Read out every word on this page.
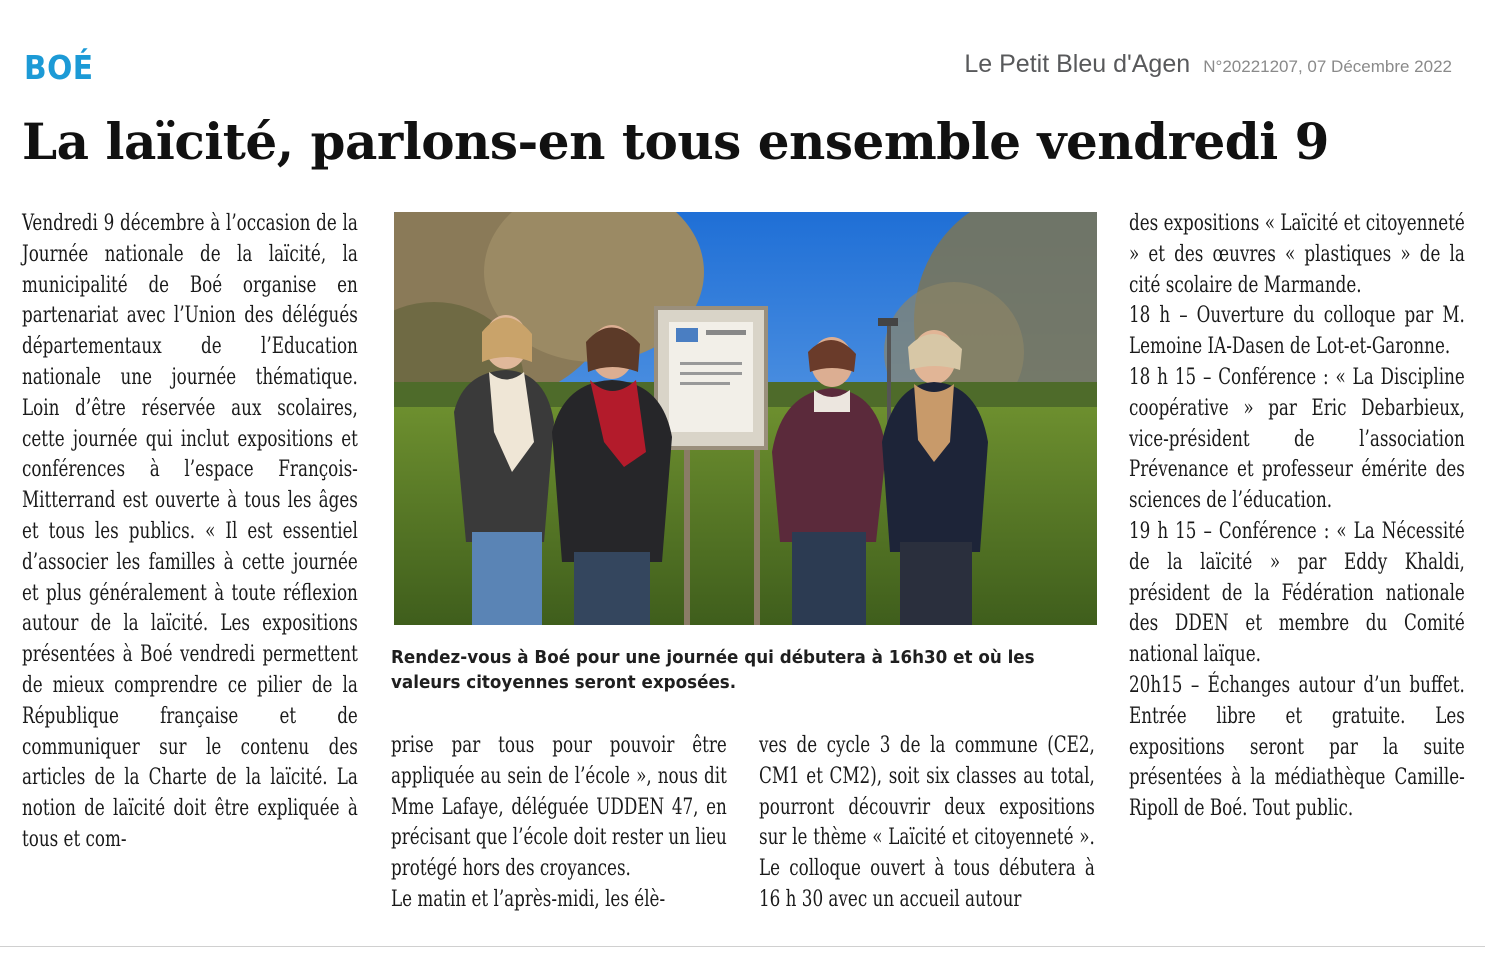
BOÉ	Le Petit Bleu d'Agen N°20221207, 07 Décembre 2022
La laïcité, parlons-en tous ensemble vendredi 9
Vendredi 9 décembre à l’occasion de la Journée nationale de la laïcité, la municipalité de Boé organise en partenariat avec l’Union des délégués départementaux de l’Education nationale une journée thématique. Loin d’être réservée aux scolaires, cette journée qui inclut expositions et conférences à l’espace François-Mitterrand est ouverte à tous les âges et tous les publics. « Il est essentiel d’associer les familles à cette journée et plus généralement à toute réflexion autour de la laïcité. Les expositions présentées à Boé vendredi permettent de mieux comprendre ce pilier de la République française et de communiquer sur le contenu des articles de la Charte de la laïcité. La notion de laïcité doit être expliquée à tous et com-
Rendez-vous à Boé pour une journée qui débutera à 16h30 et où les valeurs citoyennes seront exposées.

prise par tous pour pouvoir être appliquée au sein de l’école », nous dit Mme Lafaye, déléguée UDDEN 47, en précisant que l’école doit rester un lieu protégé hors des croyances.

Le matin et l’après-midi, les élè-

ves de cycle 3 de la commune (CE2, CM1 et CM2), soit six classes au total, pourront découvrir deux expositions sur le thème « Laïcité et citoyenneté ». Le colloque ouvert à tous débutera à 16 h 30 avec un accueil autour

des expositions « Laïcité et citoyenneté » et des œuvres « plastiques » de la cité scolaire de Marmande.

18 h – Ouverture du colloque par M. Lemoine IA-Dasen de Lot-et-Garonne.

18 h 15 – Conférence : « La Discipline coopérative » par Eric Debarbieux, vice-président de l’association Prévenance et professeur émérite des sciences de l’éducation.

19 h 15 – Conférence : « La Nécessité de la laïcité » par Eddy Khaldi, président de la Fédération nationale des DDEN et membre du Comité national laïque.

20h15 – Échanges autour d’un buffet. Entrée libre et gratuite. Les expositions seront par la suite présentées à la médiathèque Camille-Ripoll de Boé. Tout public.
